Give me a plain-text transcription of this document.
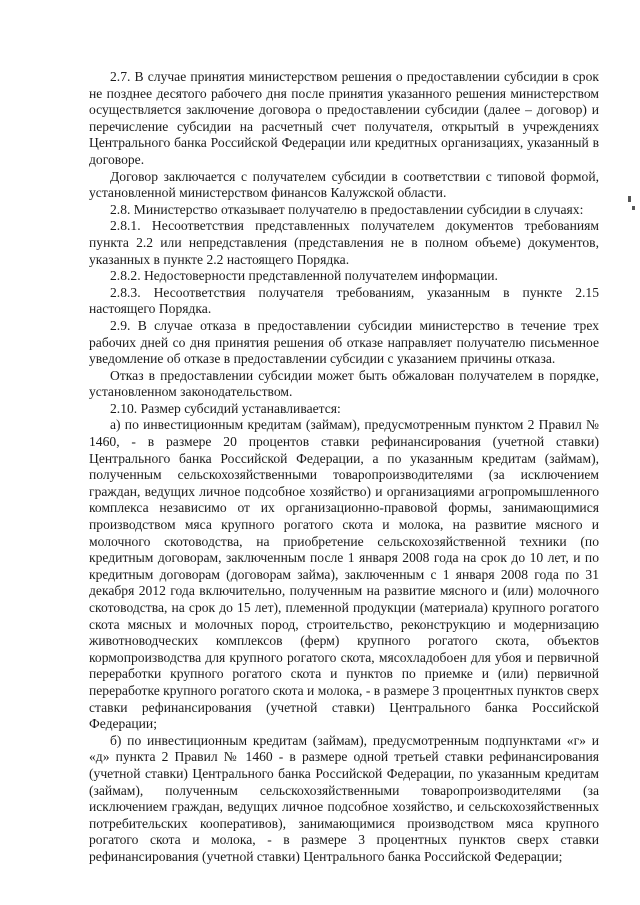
2.7. В случае принятия министерством решения о предоставлении субсидии в срок не позднее десятого рабочего дня после принятия указанного решения министерством осуществляется заключение договора о предоставлении субсидии (далее – договор) и перечисление субсидии на расчетный счет получателя, открытый в учреждениях Центрального банка Российской Федерации или кредитных организациях, указанный в договоре.

Договор заключается с получателем субсидии в соответствии с типовой формой, установленной министерством финансов Калужской области.

2.8. Министерство отказывает получателю в предоставлении субсидии в случаях:

2.8.1. Несоответствия представленных получателем документов требованиям пункта 2.2 или непредставления (представления не в полном объеме) документов, указанных в пункте 2.2 настоящего Порядка.

2.8.2. Недостоверности представленной получателем информации.

2.8.3. Несоответствия получателя требованиям, указанным в пункте 2.15 настоящего Порядка.

2.9. В случае отказа в предоставлении субсидии министерство в течение трех рабочих дней со дня принятия решения об отказе направляет получателю письменное уведомление об отказе в предоставлении субсидии с указанием причины отказа.

Отказ в предоставлении субсидии может быть обжалован получателем в порядке, установленном законодательством.

2.10. Размер субсидий устанавливается:

а) по инвестиционным кредитам (займам), предусмотренным пунктом 2 Правил № 1460, - в размере 20 процентов ставки рефинансирования (учетной ставки) Центрального банка Российской Федерации, а по указанным кредитам (займам), полученным сельскохозяйственными товаропроизводителями (за исключением граждан, ведущих личное подсобное хозяйство) и организациями агропромышленного комплекса независимо от их организационно-правовой формы, занимающимися производством мяса крупного рогатого скота и молока, на развитие мясного и молочного скотоводства, на приобретение сельскохозяйственной техники (по кредитным договорам, заключенным после 1 января 2008 года на срок до 10 лет, и по кредитным договорам (договорам займа), заключенным с 1 января 2008 года по 31 декабря 2012 года включительно, полученным на развитие мясного и (или) молочного скотоводства, на срок до 15 лет), племенной продукции (материала) крупного рогатого скота мясных и молочных пород, строительство, реконструкцию и модернизацию животноводческих комплексов (ферм) крупного рогатого скота, объектов кормопроизводства для крупного рогатого скота, мясохладобоен для убоя и первичной переработки крупного рогатого скота и пунктов по приемке и (или) первичной переработке крупного рогатого скота и молока, - в размере 3 процентных пунктов сверх ставки рефинансирования (учетной ставки) Центрального банка Российской Федерации;

б) по инвестиционным кредитам (займам), предусмотренным подпунктами «г» и «д» пункта 2 Правил № 1460 - в размере одной третьей ставки рефинансирования (учетной ставки) Центрального банка Российской Федерации, по указанным кредитам (займам), полученным сельскохозяйственными товаропроизводителями (за исключением граждан, ведущих личное подсобное хозяйство, и сельскохозяйственных потребительских кооперативов), занимающимися производством мяса крупного рогатого скота и молока, - в размере 3 процентных пунктов сверх ставки рефинансирования (учетной ставки) Центрального банка Российской Федерации;
